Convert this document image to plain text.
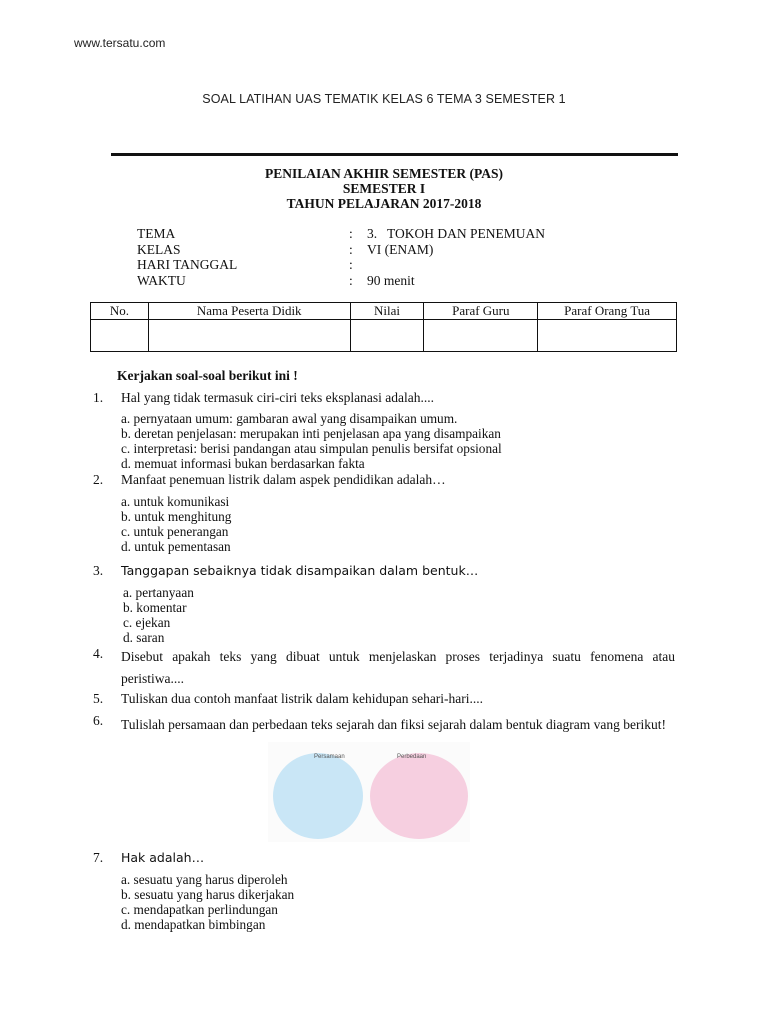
www.tersatu.com
SOAL LATIHAN UAS TEMATIK KELAS 6 TEMA 3 SEMESTER 1
PENILAIAN AKHIR SEMESTER (PAS)
SEMESTER I
TAHUN PELAJARAN 2017-2018
TEMA	: 3.   TOKOH DAN PENEMUAN
KELAS	: VI (ENAM)
HARI TANGGAL	:
WAKTU	: 90 menit
No.	Nama Peserta Didik	Nilai	Paraf Guru	Paraf Orang Tua

Kerjakan soal-soal berikut ini !
1. Hal yang tidak termasuk ciri-ciri teks eksplanasi adalah....
a. pernyataan umum: gambaran awal yang disampaikan umum.
b. deretan penjelasan: merupakan inti penjelasan apa yang disampaikan
c. interpretasi: berisi pandangan atau simpulan penulis bersifat opsional
d. memuat informasi bukan berdasarkan fakta
2. Manfaat penemuan listrik dalam aspek pendidikan adalah…
a. untuk komunikasi
b. untuk menghitung
c. untuk penerangan
d. untuk pementasan
3. Tanggapan sebaiknya tidak disampaikan dalam bentuk…
a. pertanyaan
b. komentar
c. ejekan
d. saran
4. Disebut apakah teks yang dibuat untuk menjelaskan proses terjadinya suatu fenomena atau peristiwa....
5. Tuliskan dua contoh manfaat listrik dalam kehidupan sehari-hari....
6. Tulislah persamaan dan perbedaan teks sejarah dan fiksi sejarah dalam bentuk diagram vang berikut!
Persamaan	Perbedaan
7. Hak adalah…
a. sesuatu yang harus diperoleh
b. sesuatu yang harus dikerjakan
c. mendapatkan perlindungan
d. mendapatkan bimbingan
